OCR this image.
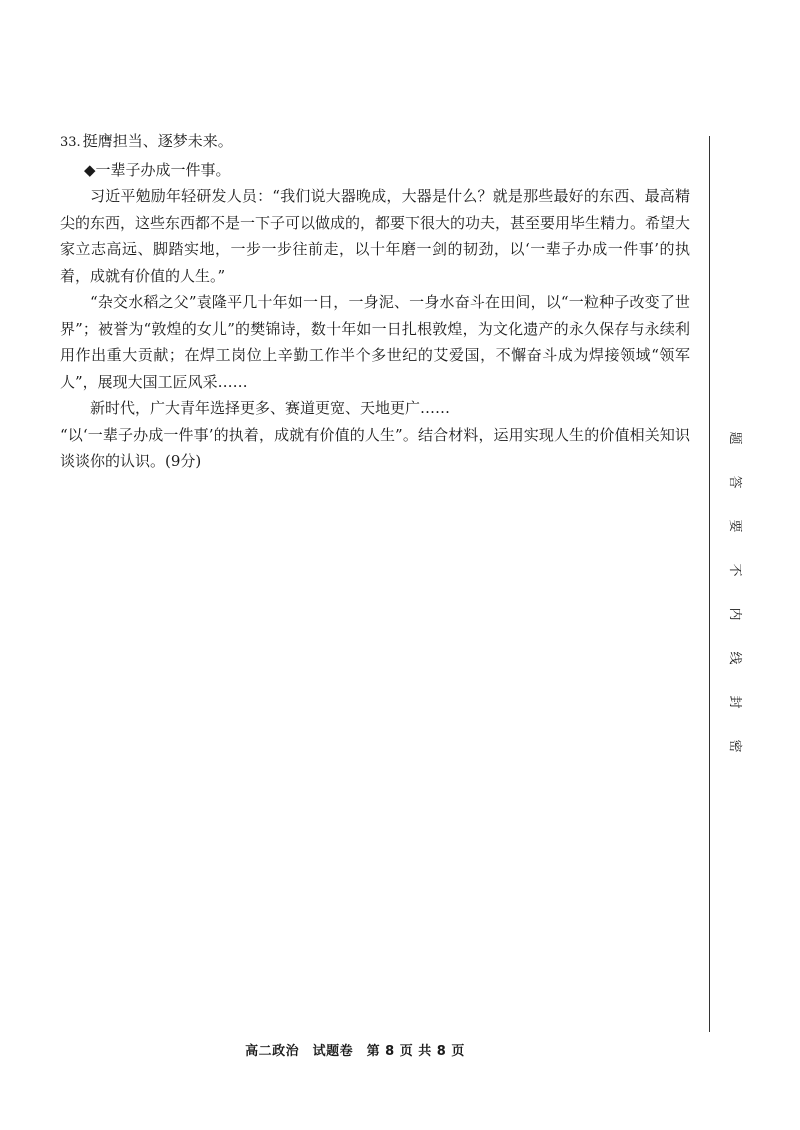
33. 挺膺担当、逐梦未来。

◆一辈子办成一件事。

习近平勉励年轻研发人员：“我们说大器晚成，大器是什么？就是那些最好的东西、最高精尖的东西，这些东西都不是一下子可以做成的，都要下很大的功夫，甚至要用毕生精力。希望大家立志高远、脚踏实地，一步一步往前走，以十年磨一剑的韧劲，以‘一辈子办成一件事’的执着，成就有价值的人生。”

“杂交水稻之父”袁隆平几十年如一日，一身泥、一身水奋斗在田间，以“一粒种子改变了世界”；被誉为“敦煌的女儿”的樊锦诗，数十年如一日扎根敦煌，为文化遗产的永久保存与永续利用作出重大贡献；在焊工岗位上辛勤工作半个多世纪的艾爱国，不懈奋斗成为焊接领域“领军人”，展现大国工匠风采……

新时代，广大青年选择更多、赛道更宽、天地更广……

“以‘一辈子办成一件事’的执着，成就有价值的人生”。结合材料，运用实现人生的价值相关知识谈谈你的认识。(9分)

题
答
要
不
内
线
封
密
高二政治　试题卷　第 8 页 共 8 页
